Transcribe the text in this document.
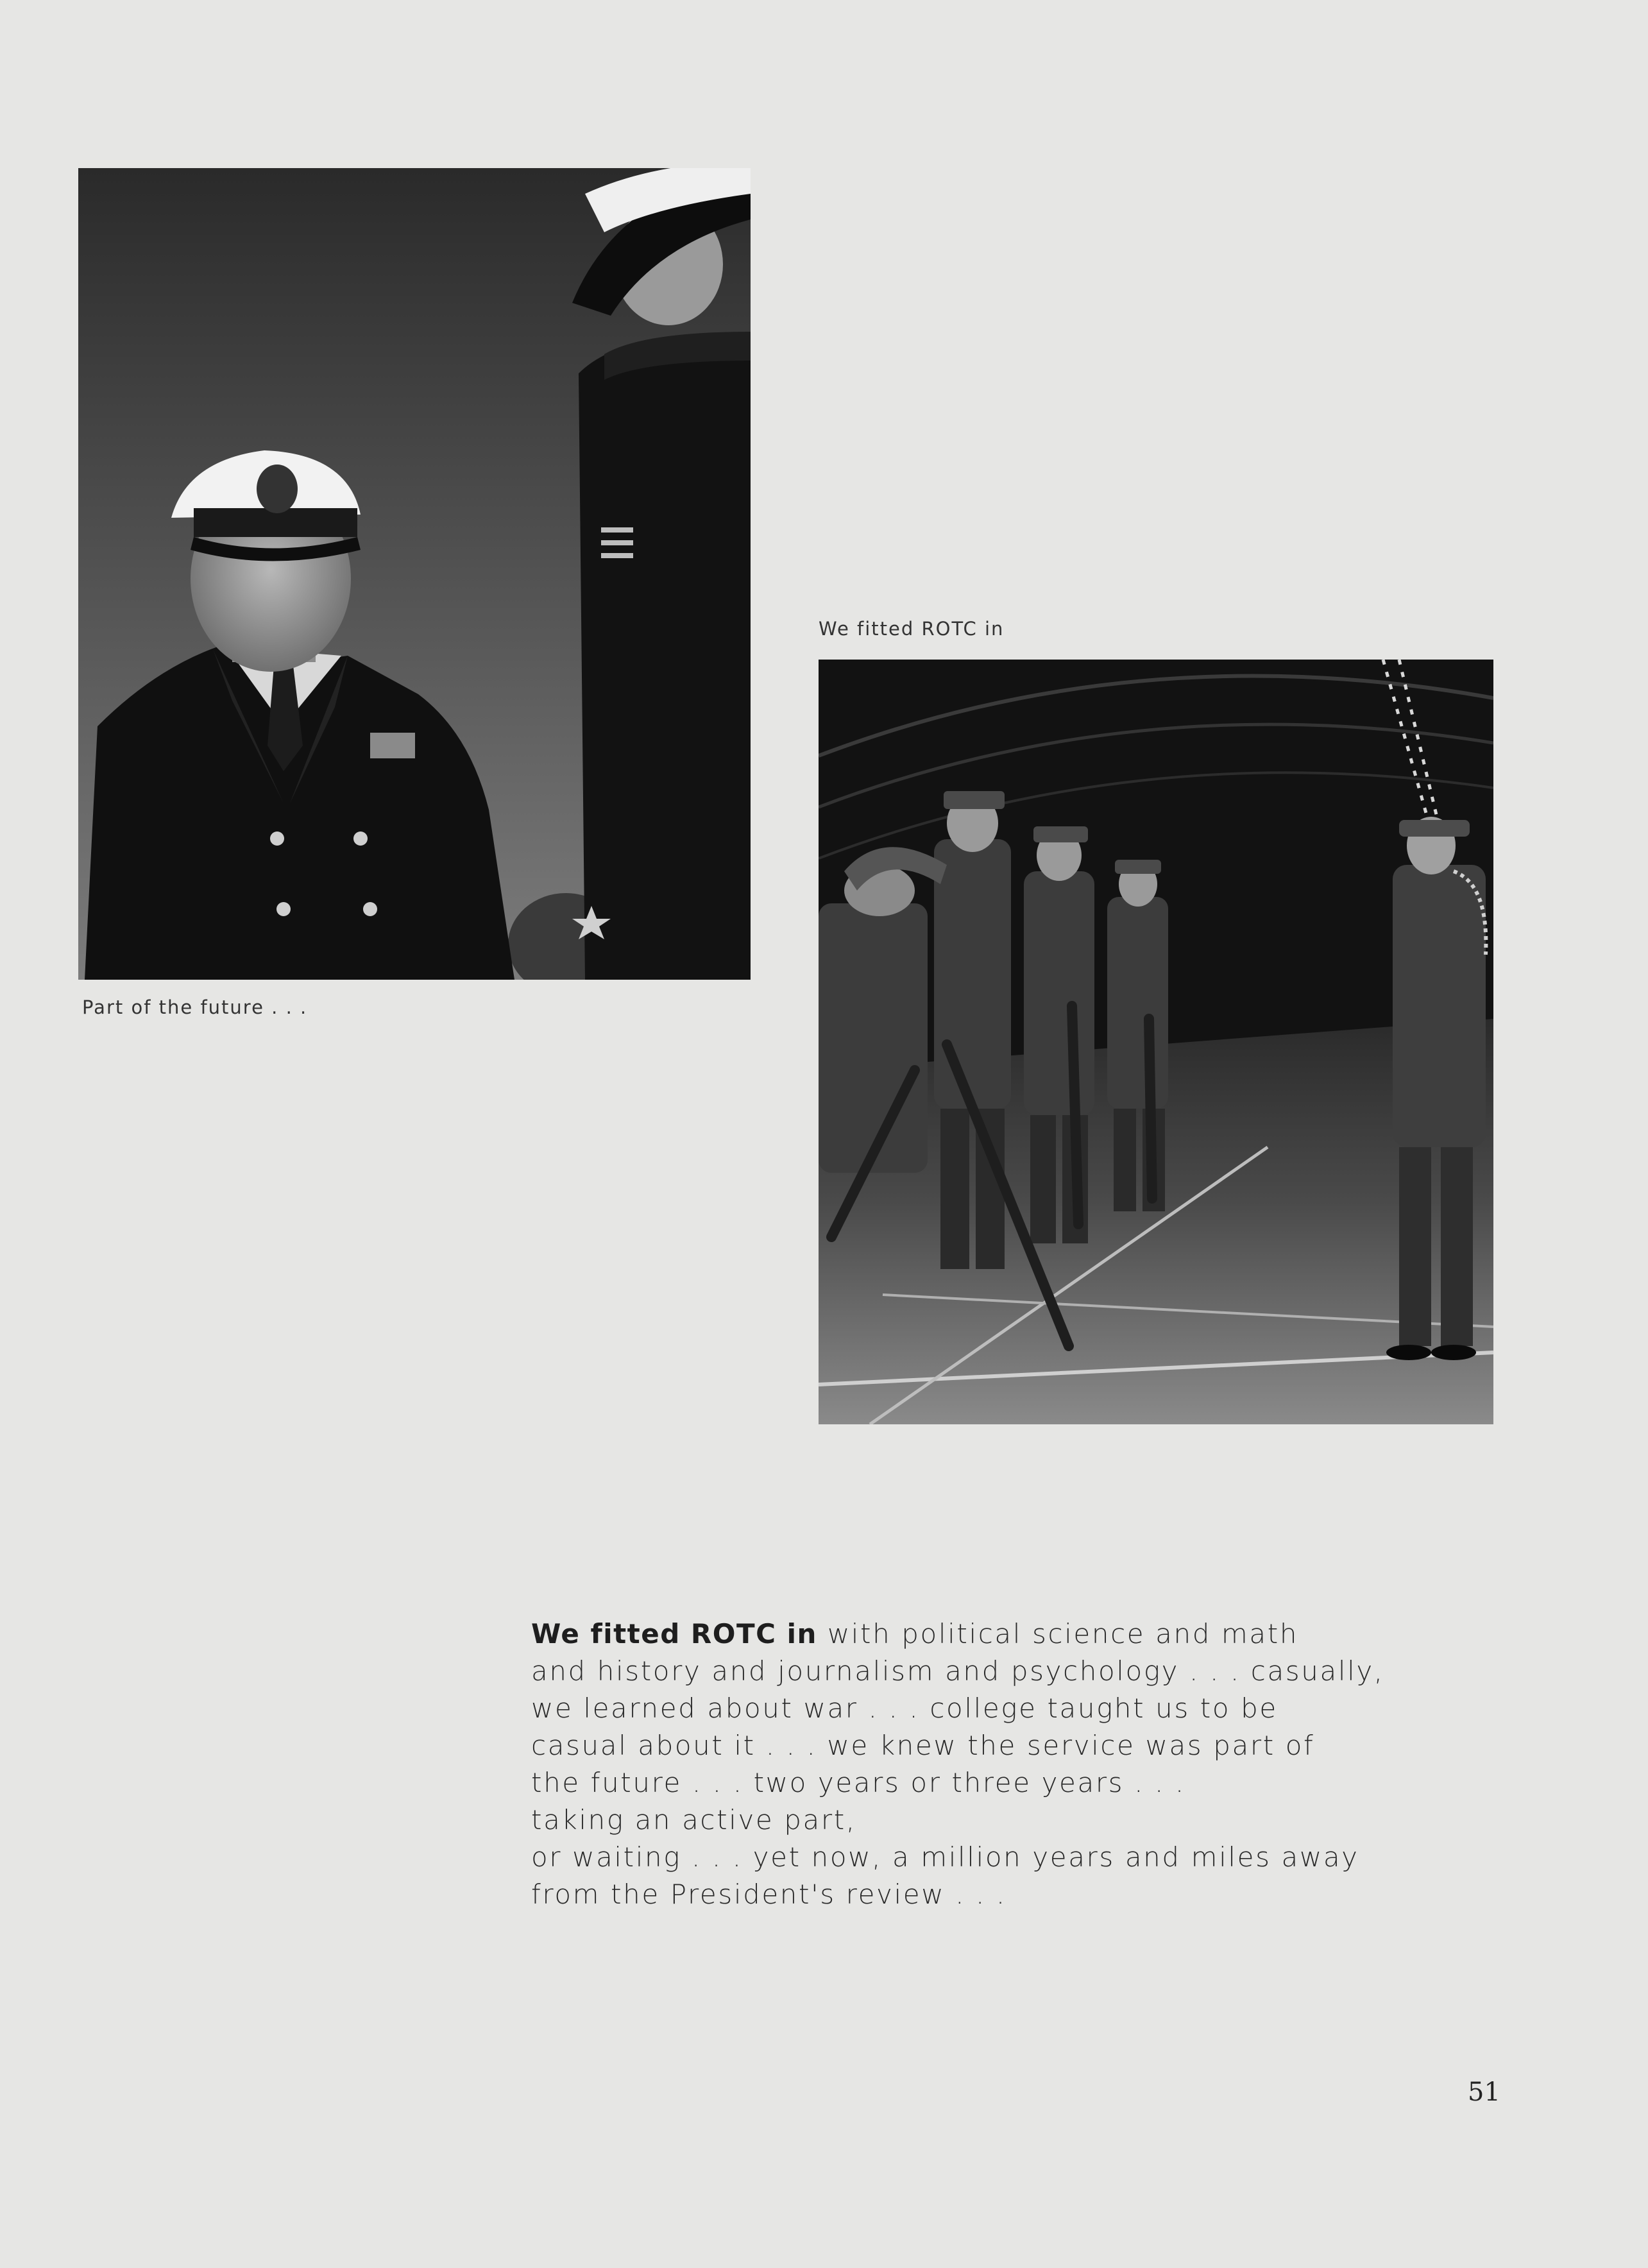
Part of the future . . .
We fitted ROTC in
We fitted ROTC in with political science and math
and history and journalism and psychology . . . casually,
we learned about war . . . college taught us to be
casual about it . . . we knew the service was part of
the future . . . two years or three years . . .
taking an active part,
or waiting . . . yet now, a million years and miles away
from the President's review . . .
51
